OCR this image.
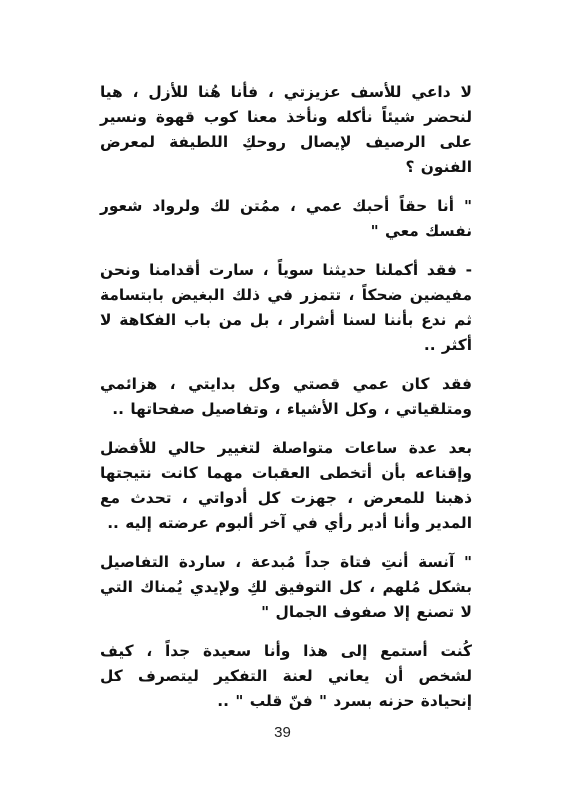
لا داعي للأسف عزيزتي ، فأنا هُنا للأزل ، هيا لنحضر شيئاً نأكله ونأخذ معنا كوب قهوة ونسير على الرصيف لإيصال روحكِ اللطيفة لمعرض الفنون ؟

" أنا حقاً أحبك عمي ، ممُتن لك ولرواد شعور نفسك معي "

- فقد أكملنا حديثنا سوياً ، سارت أقدامنا ونحن مفيضين ضحكاً ، تتمزر في ذلك البغيض بابتسامة ثم ندع بأننا لسنا أشرار ، بل من باب الفكاهة لا أكثر ..

فقد كان عمي قصتي وكل بدايتي ، هزائمي ومتلقياتي ، وكل الأشياء ، وتفاصيل صفحاتها ..

بعد عدة ساعات متواصلة لتغيير حالي للأفضل وإقناعه بأن أتخطى العقبات مهما كانت نتيجتها ذهبنا للمعرض ، جهزت كل أدواتي ، تحدث مع المدير وأنا أدير رأي في آخر ألبوم عرضته إليه ..

" آنسة أنتِ فتاة جداً مُبدعة ، ساردة التفاصيل بشكل مُلهم ، كل التوفيق لكِ ولإيدي يُمناك التي لا تصنع إلا صفوف الجمال "

كُنت أستمع إلى هذا وأنا سعيدة جداً ، كيف لشخص أن يعاني لعنة التفكير ليتصرف كل إنحيادة حزنه بسرد " فنّ قلب " ..

39
